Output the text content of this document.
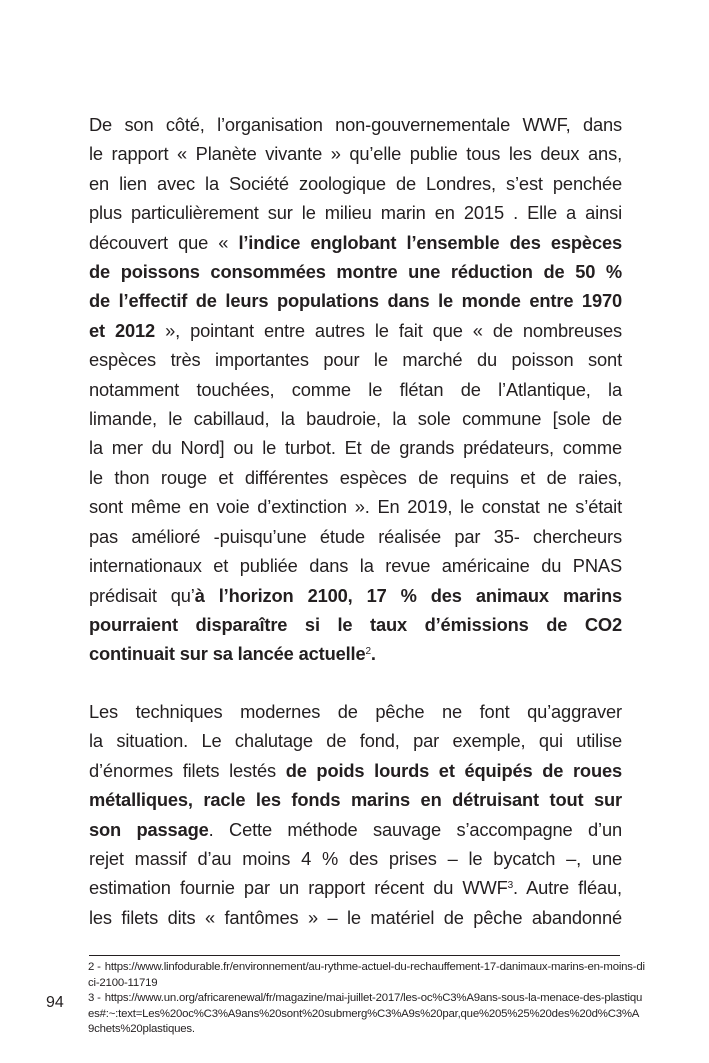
De son côté, l’organisation non-gouvernementale WWF, dans
le rapport « Planète vivante » qu’elle publie tous les deux ans,
en lien avec la Société zoologique de Londres, s’est penchée
plus particulièrement sur le milieu marin en 2015 . Elle a ainsi
découvert que « l’indice englobant l’ensemble des espèces
de poissons consommées montre une réduction de 50 %
de l’effectif de leurs populations dans le monde entre 1970
et 2012 », pointant entre autres le fait que « de nombreuses
espèces très importantes pour le marché du poisson sont
notamment touchées, comme le flétan de l’Atlantique, la
limande, le cabillaud, la baudroie, la sole commune [sole de
la mer du Nord] ou le turbot. Et de grands prédateurs, comme
le thon rouge et différentes espèces de requins et de raies,
sont même en voie d’extinction ». En 2019, le constat ne s’était
pas amélioré -puisqu’une étude réalisée par 35- chercheurs
internationaux et publiée dans la revue américaine du PNAS
prédisait qu’à l’horizon 2100, 17 % des animaux marins
pourraient disparaître si le taux d’émissions de CO2
continuait sur sa lancée actuelle$^2$.
Les techniques modernes de pêche ne font qu’aggraver
la situation. Le chalutage de fond, par exemple, qui utilise
d’énormes filets lestés de poids lourds et équipés de roues
métalliques, racle les fonds marins en détruisant tout sur
son passage. Cette méthode sauvage s’accompagne d’un
rejet massif d’au moins 4 % des prises – le bycatch –, une
estimation fournie par un rapport récent du WWF$^3$. Autre fléau,
les filets dits « fantômes » – le matériel de pêche abandonné

2 - https://www.linfodurable.fr/environnement/au-rythme-actuel-du-rechauffement-17-danimaux-marins-en-moins-dici-2100-11719

3 - https://www.un.org/africarenewal/fr/magazine/mai-juillet-2017/les-oc%C3%A9ans-sous-la-menace-des-plastiques#:~:text=Les%20oc%C3%A9ans%20sont%20submerg%C3%A9s%20par,que%205%25%20des%20d%C3%A9chets%20plastiques.

94
